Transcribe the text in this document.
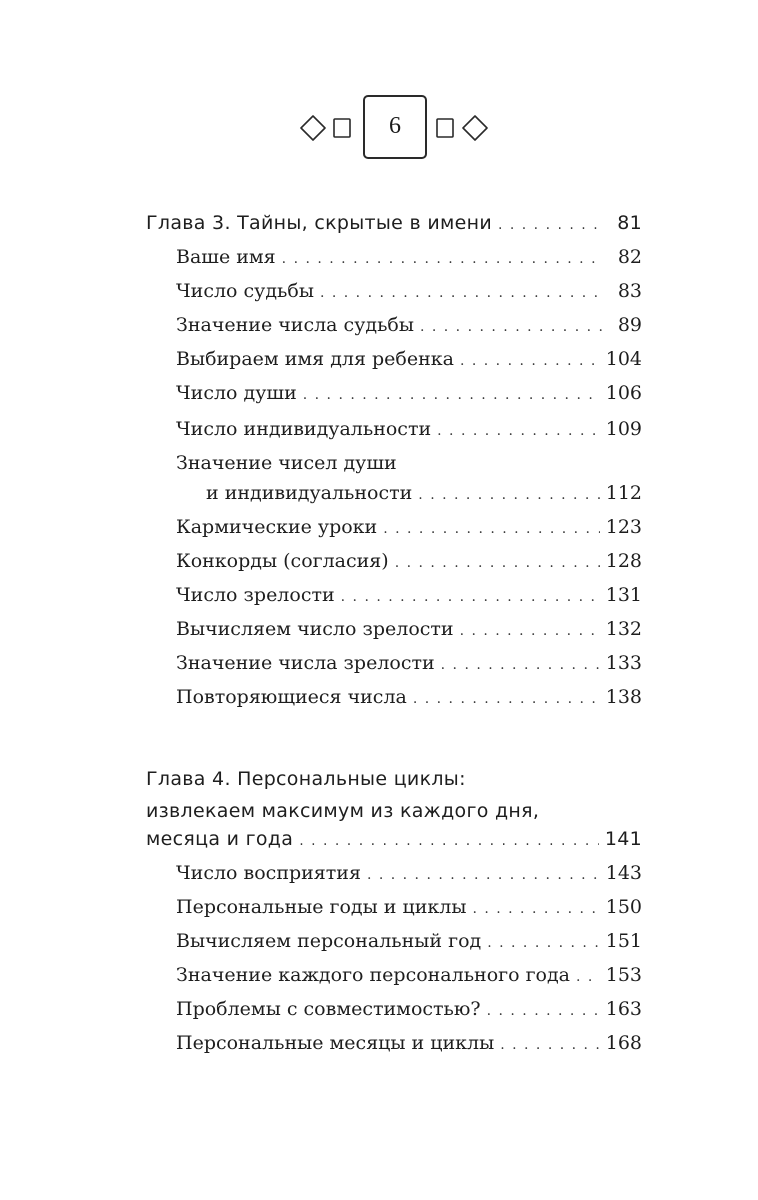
6
Глава 3. Тайны, скрытые в имени . . .	81
Ваше имя . . .	82
Число судьбы . . .	83
Значение числа судьбы . . .	89
Выбираем имя для ребенка . . .	104
Число души . . .	106
Число индивидуальности . . .	109
Значение чисел души
и индивидуальности . . .	112
Кармические уроки . . .	123
Конкорды (согласия) . . .	128
Число зрелости . . .	131
Вычисляем число зрелости . . .	132
Значение числа зрелости . . .	133
Повторяющиеся числа . . .	138
Глава 4. Персональные циклы:
извлекаем максимум из каждого дня,
месяца и года . . .	141
Число восприятия . . .	143
Персональные годы и циклы . . .	150
Вычисляем персональный год . . .	151
Значение каждого персонального года . . . 153
Проблемы с совместимостью? . . .	163
Персональные месяцы и циклы . . .	168
